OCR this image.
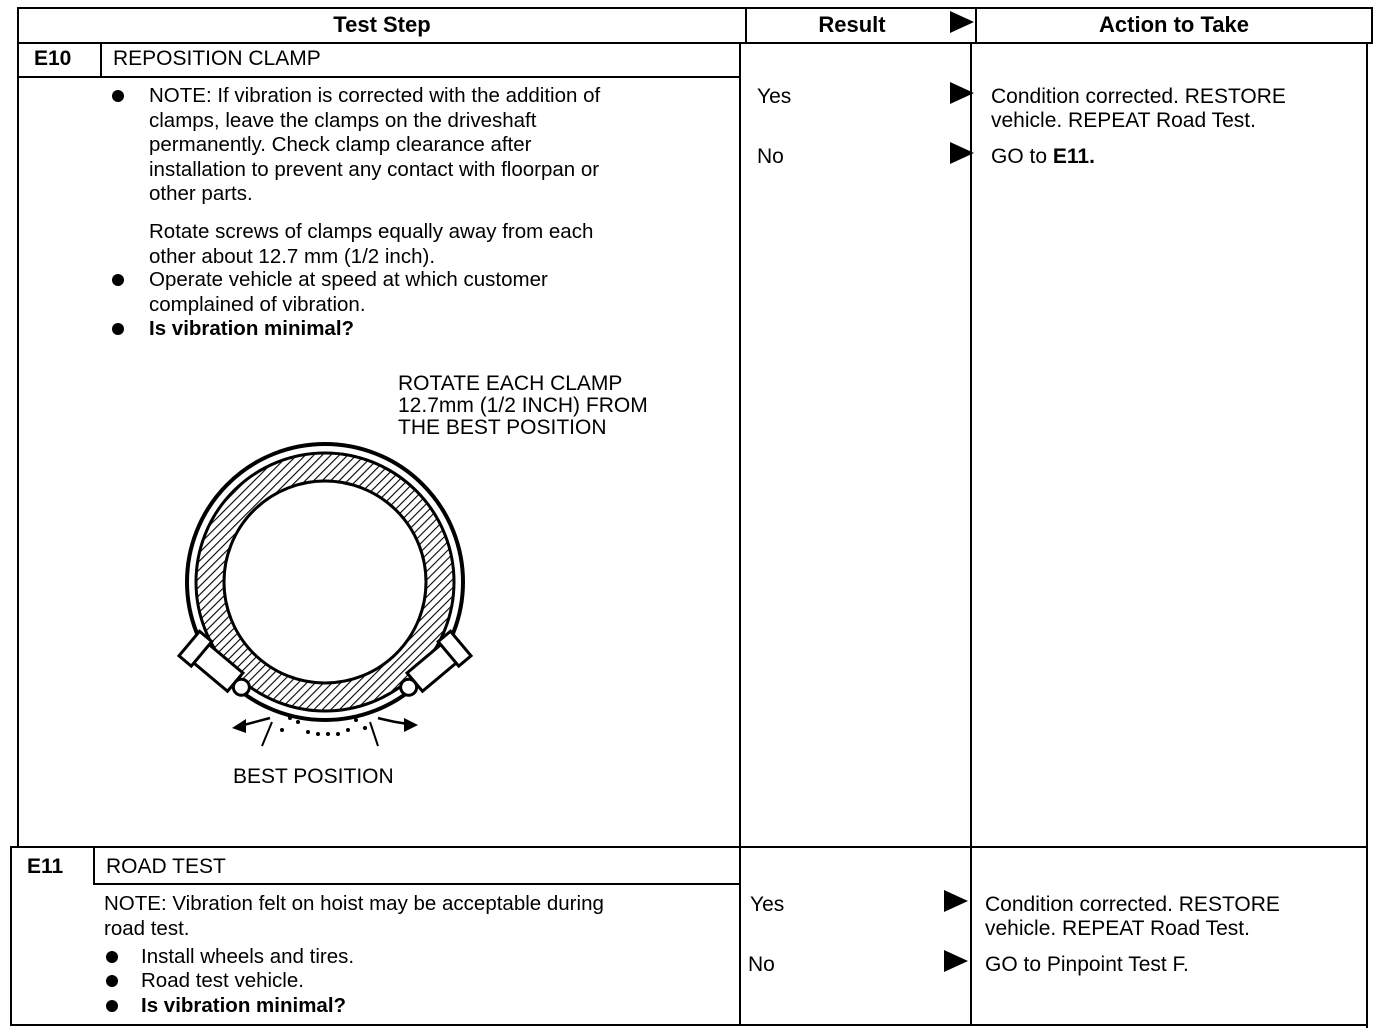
Test Step	Result	Action to Take
E10 REPOSITION CLAMP
NOTE: If vibration is corrected with the addition of
clamps, leave the clamps on the driveshaft
permanently. Check clamp clearance after
installation to prevent any contact with floorpan or
other parts.
Rotate screws of clamps equally away from each
other about 12.7 mm (1/2 inch).
Operate vehicle at speed at which customer
complained of vibration.
Is vibration minimal?
ROTATE EACH CLAMP
12.7mm (1/2 INCH) FROM
THE BEST POSITION
BEST POSITION
Yes	Condition corrected. RESTORE
vehicle. REPEAT Road Test.
No	GO to E11.
E11 ROAD TEST
NOTE: Vibration felt on hoist may be acceptable during
road test.
Install wheels and tires.
Road test vehicle.
Is vibration minimal?
Yes	Condition corrected. RESTORE
vehicle. REPEAT Road Test.
No	GO to Pinpoint Test F.
